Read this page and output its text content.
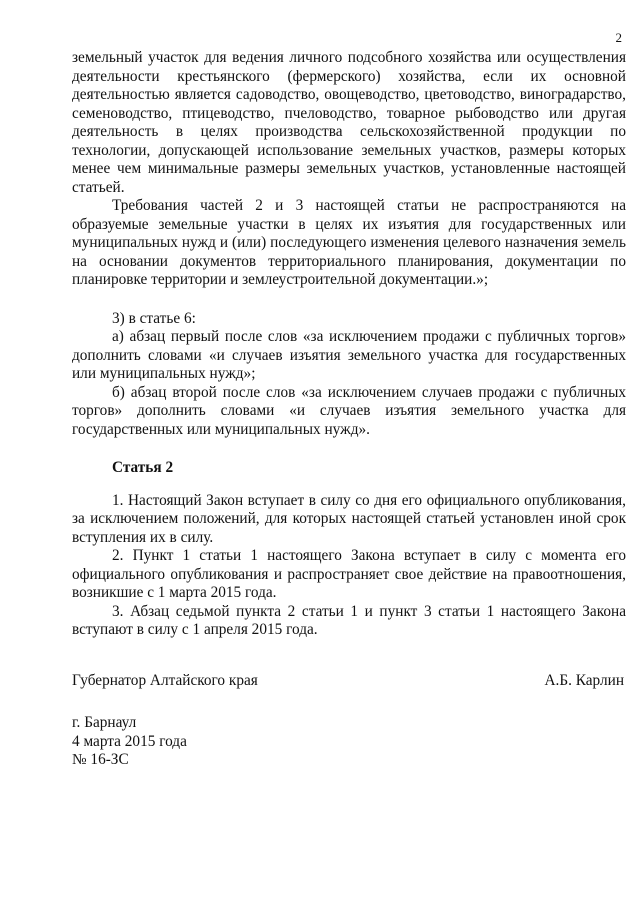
2

земельный участок для ведения личного подсобного хозяйства или осуществления деятельности крестьянского (фермерского) хозяйства, если их основной деятельностью является садоводство, овощеводство, цветоводство, виноградарство, семеноводство, птицеводство, пчеловодство, товарное рыбоводство или другая деятельность в целях производства сельскохозяйственной продукции по технологии, допускающей использование земельных участков, размеры которых менее чем минимальные размеры земельных участков, установленные настоящей статьей.

Требования частей 2 и 3 настоящей статьи не распространяются на образуемые земельные участки в целях их изъятия для государственных или муниципальных нужд и (или) последующего изменения целевого назначения земель на основании документов территориального планирования, документации по планировке территории и землеустроительной документации.»;

3) в статье 6:

а) абзац первый после слов «за исключением продажи с публичных торгов» дополнить словами «и случаев изъятия земельного участка для государственных или муниципальных нужд»;

б) абзац второй после слов «за исключением случаев продажи с публичных торгов» дополнить словами «и случаев изъятия земельного участка для государственных или муниципальных нужд».

Статья 2

1. Настоящий Закон вступает в силу со дня его официального опубликования, за исключением положений, для которых настоящей статьей установлен иной срок вступления их в силу.

2. Пункт 1 статьи 1 настоящего Закона вступает в силу с момента его официального опубликования и распространяет свое действие на правоотношения, возникшие с 1 марта 2015 года.

3. Абзац седьмой пункта 2 статьи 1 и пункт 3 статьи 1 настоящего Закона вступают в силу с 1 апреля 2015 года.

Губернатор Алтайского края	А.Б. Карлин
г. Барнаул
4 марта 2015 года
№ 16-ЗС
